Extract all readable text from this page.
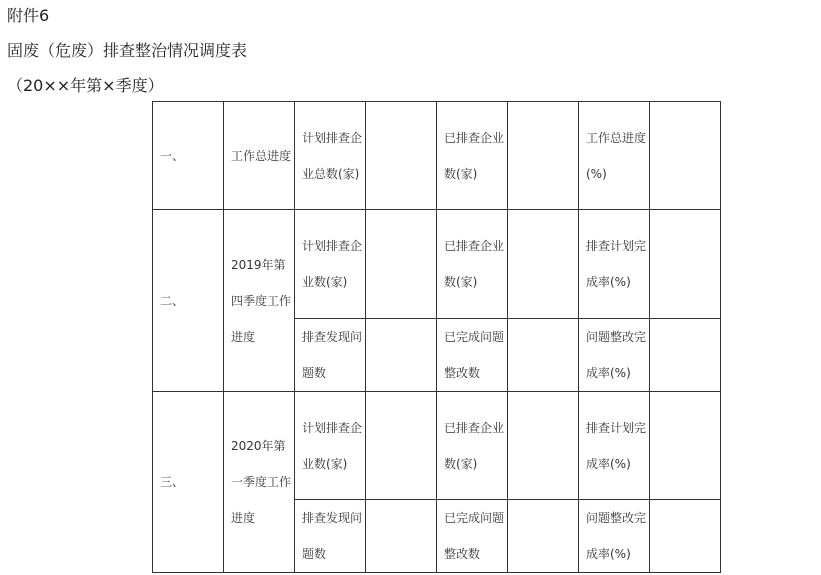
附件6
固废（危废）排查整治情况调度表
（20××年第×季度）
一、	工作总进度	计划排查企业总数(家)		已排查企业数(家)		工作总进度(%)	

二、	2019年第四季度工作进度	计划排查企业数(家)		已排查企业数(家)		排查计划完成率(%)	

		排查发现问题数		已完成问题整改数		问题整改完成率(%)	

三、	2020年第一季度工作进度	计划排查企业数(家)		已排查企业数(家)		排查计划完成率(%)	

		排查发现问题数		已完成问题整改数		问题整改完成率(%)	
